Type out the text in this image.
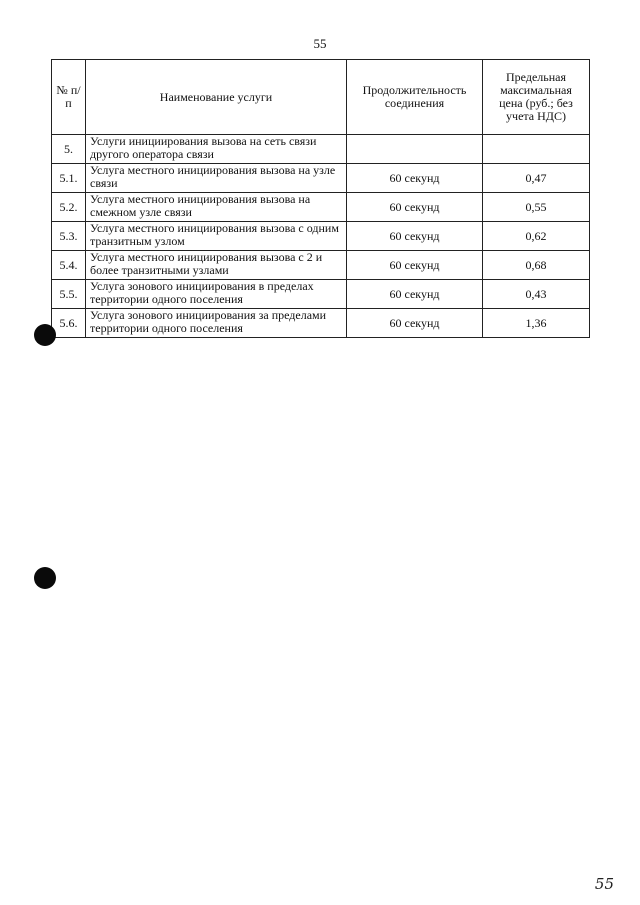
55
№ п/п	Наименование услуги	Продолжительность соединения	Предельная максимальная цена (руб.; без учета НДС)
5.	Услуги инициирования вызова на сеть связи другого оператора связи		
5.1.	Услуга местного инициирования вызова на узле связи	60 секунд	0,47
5.2.	Услуга местного инициирования вызова на смежном узле связи	60 секунд	0,55
5.3.	Услуга местного инициирования вызова с одним транзитным узлом	60 секунд	0,62
5.4.	Услуга местного инициирования вызова с 2 и более транзитными узлами	60 секунд	0,68
5.5.	Услуга зонового инициирования в пределах территории одного поселения	60 секунд	0,43
5.6.	Услуга зонового инициирования за пределами территории одного поселения	60 секунд	1,36
55
